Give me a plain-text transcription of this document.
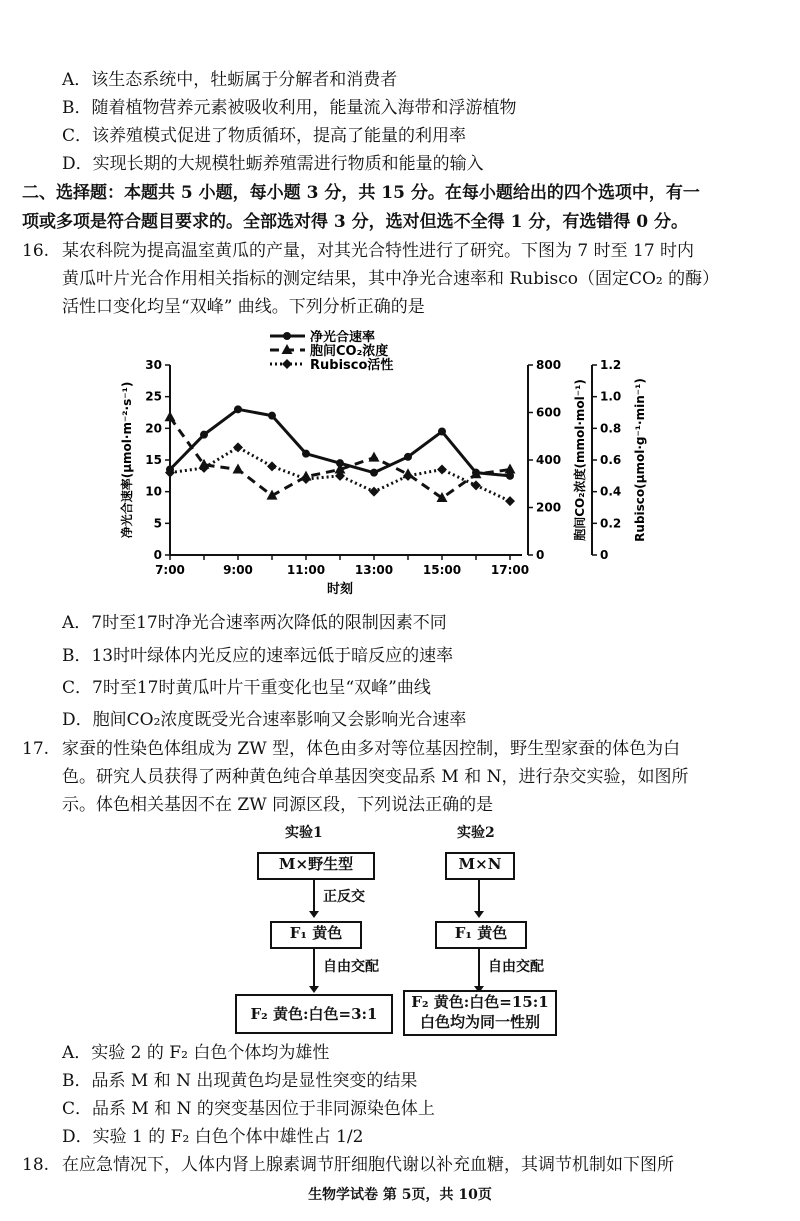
A．该生态系统中，牡蛎属于分解者和消费者
B．随着植物营养元素被吸收利用，能量流入海带和浮游植物
C．该养殖模式促进了物质循环，提高了能量的利用率
D．实现长期的大规模牡蛎养殖需进行物质和能量的输入
二、选择题：本题共 5 小题，每小题 3 分，共 15 分。在每小题给出的四个选项中，有一
项或多项是符合题目要求的。全部选对得 3 分，选对但选不全得 1 分，有选错得 0 分。
16. 某农科院为提高温室黄瓜的产量，对其光合特性进行了研究。下图为 7 时至 17 时内
黄瓜叶片光合作用相关指标的测定结果，其中净光合速率和 Rubisco（固定CO₂ 的酶）
活性口变化均呈“双峰” 曲线。下列分析正确的是
7:00	9:00	11:00 13:00 15:00 17:00
时刻
0
5
10
15
20
25
30
净光合速率(μmol·m⁻²·s⁻¹)
0
200
400
600
800
胞间CO₂浓度(mmol·mol⁻¹)
0
0.2
0.4
0.6
0.8
1.0
1.2
Rubisco(μmol·g⁻¹·min⁻¹)
净光合速率
胞间CO₂浓度
Rubisco活性
A．7时至17时净光合速率两次降低的限制因素不同
B．13时叶绿体内光反应的速率远低于暗反应的速率
C．7时至17时黄瓜叶片干重变化也呈“双峰”曲线
D．胞间CO₂浓度既受光合速率影响又会影响光合速率
17. 家蚕的性染色体组成为 ZW 型，体色由多对等位基因控制，野生型家蚕的体色为白
色。研究人员获得了两种黄色纯合单基因突变品系 M 和 N，进行杂交实验，如图所
示。体色相关基因不在 ZW 同源区段，下列说法正确的是
实验1
M×野生型
正反交
F₁ 黄色
自由交配
F₂ 黄色:白色=3:1
实验2
M×N
F₁ 黄色
自由交配
F₂ 黄色:白色=15:1
白色均为同一性别
A．实验 2 的 F₂ 白色个体均为雄性
B．品系 M 和 N 出现黄色均是显性突变的结果
C．品系 M 和 N 的突变基因位于非同源染色体上
D．实验 1 的 F₂ 白色个体中雄性占 1/2
18. 在应急情况下，人体内肾上腺素调节肝细胞代谢以补充血糖，其调节机制如下图所
生物学试卷 第 5页，共 10页
